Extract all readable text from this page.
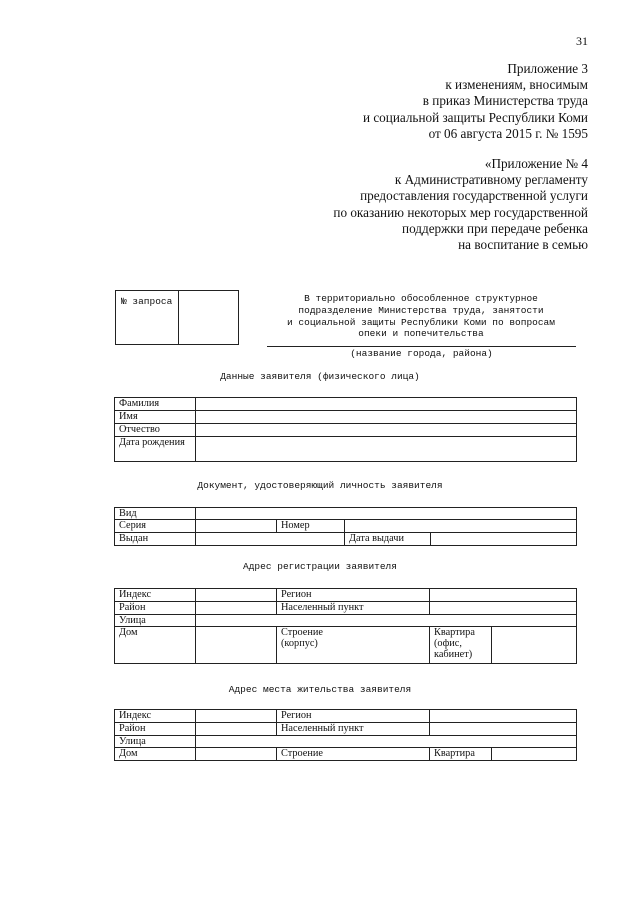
31
Приложение 3
к изменениям, вносимым
в приказ Министерства труда
и социальной защиты Республики Коми
от 06 августа 2015 г. № 1595
«Приложение № 4
к Административному регламенту
предоставления государственной услуги
по оказанию некоторых мер государственной
поддержки при передаче ребенка
на воспитание в семью
№ запроса	В территориально обособленное структурное
подразделение Министерства труда, занятости
и социальной защиты Республики Коми по вопросам
опеки и попечительства
(название города, района)
Данные заявителя (физического лица)
Фамилия	
Имя	
Отчество	
Дата рождения	
Документ, удостоверяющий личность заявителя
Вид				
Серия		Номер		
Выдан			Дата выдачи	
Адрес регистрации заявителя
Индекс		Регион		
Район		Населенный пункт		
Улица				
Дом		Строение (корпус)	Квартира (офис, кабинет)	

Адрес места жительства заявителя
Индекс		Регион		
Район		Населенный пункт		
Улица				
Дом		Строение	Квартира	
